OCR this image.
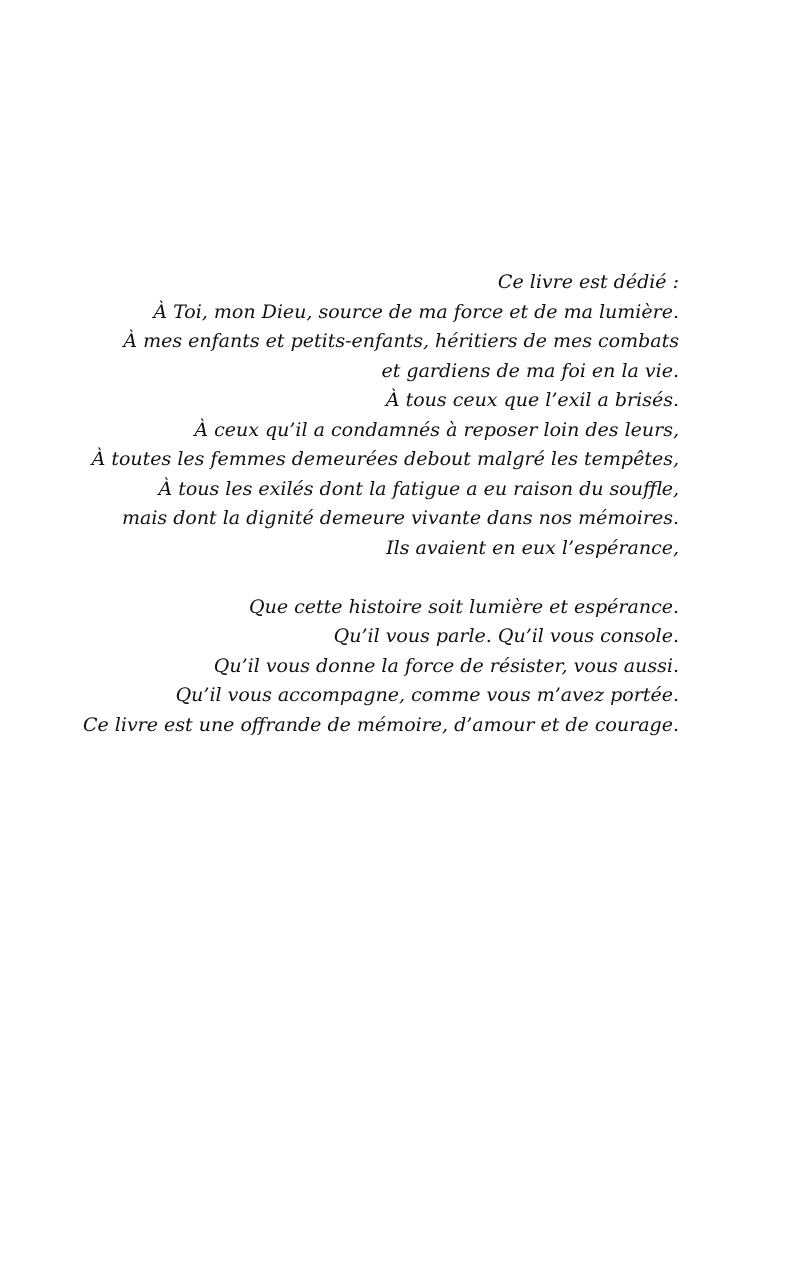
Ce livre est dédié :
À Toi, mon Dieu, source de ma force et de ma lumière.
À mes enfants et petits-enfants, héritiers de mes combats
et gardiens de ma foi en la vie.
À tous ceux que l’exil a brisés.
À ceux qu’il a condamnés à reposer loin des leurs,
À toutes les femmes demeurées debout malgré les tempêtes,
À tous les exilés dont la fatigue a eu raison du souffle,
mais dont la dignité demeure vivante dans nos mémoires.
Ils avaient en eux l’espérance,
Que cette histoire soit lumière et espérance.
Qu’il vous parle. Qu’il vous console.
Qu’il vous donne la force de résister, vous aussi.
Qu’il vous accompagne, comme vous m’avez portée.
Ce livre est une offrande de mémoire, d’amour et de courage.
